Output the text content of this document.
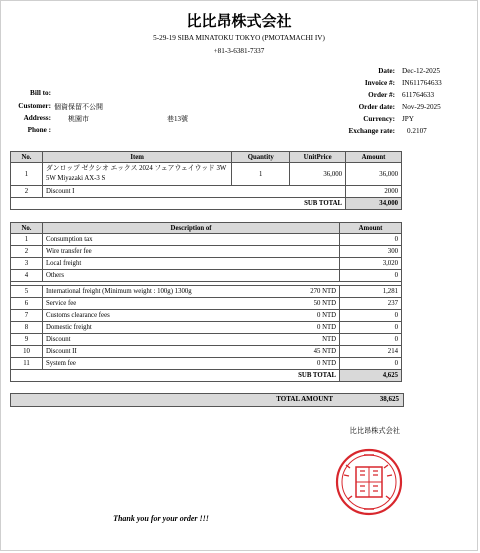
比比昂株式会社
5-29-19 SIBA MINATOKU TOKYO (PMOTAMACHI IV)
+81-3-6381-7337
Date: Dec-12-2025
Invoice #: IN611764633
Order #: 611764633
Order date: Nov-29-2025
Currency: JPY
Exchange rate: 0.2107
Bill to:
Customer: 個資保留不公開
Address: 桃園市	巷13號
Phone :
No.	Item	Quantity	UnitPrice	Amount
1	ダンロップ ゼクシオ エックス 2024 フェアウェイウッド 3W 5W Miyazaki AX-3 S	1	36,000	36,000
2	Discount I			2000
SUB TOTAL				34,000
No.	Description of		Amount
1	Consumption tax		0
2	Wire transfer fee		300
3	Local freight		3,020
4	Others		0

5	International freight (Minimum weight : 100g) 1300g	270 NTD	1,281
6	Service fee	50 NTD	237
7	Customs clearance fees	0 NTD	0
8	Domestic freight	0 NTD	0
9	Discount	NTD	0
10	Discount II	45 NTD	214
11	System fee	0 NTD	0
SUB TOTAL			4,625
TOTAL AMOUNT	38,625
比比昂株式会社
Thank you for your order !!!
